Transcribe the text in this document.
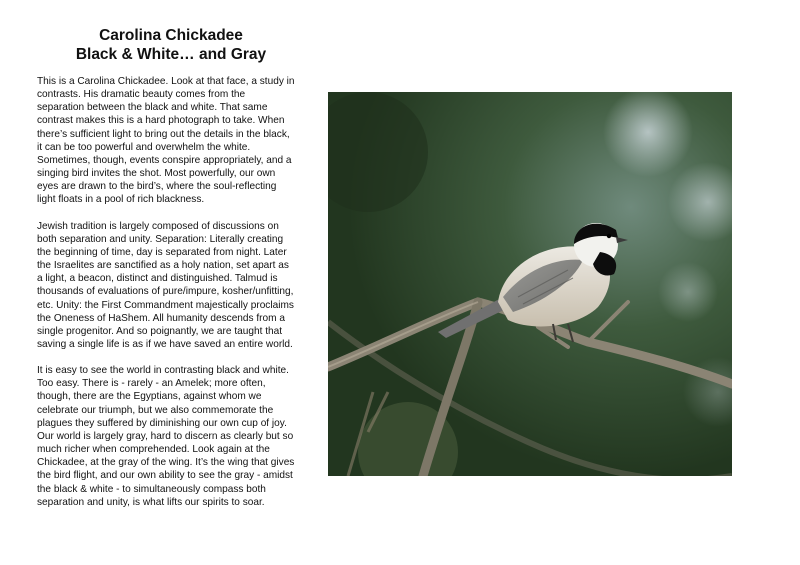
Carolina Chickadee
Black & White… and Gray

This is a Carolina Chickadee. Look at that face, a study in contrasts. His dramatic beauty comes from the separation between the black and white. That same contrast makes this is a hard photograph to take. When there’s sufficient light to bring out the details in the black, it can be too powerful and overwhelm the white. Sometimes, though, events conspire appropriately, and a singing bird invites the shot. Most powerfully, our own eyes are drawn to the bird’s, where the soul-reflecting light floats in a pool of rich blackness.

Jewish tradition is largely composed of discussions on both separation and unity. Separation: Literally creating the beginning of time, day is separated from night. Later the Israelites are sanctified as a holy nation, set apart as a light, a beacon, distinct and distinguished. Talmud is thousands of evaluations of pure/impure, kosher/unfitting, etc. Unity: the First Commandment majestically proclaims the Oneness of HaShem. All humanity descends from a single progenitor. And so poignantly, we are taught that saving a single life is as if we have saved an entire world.

It is easy to see the world in contrasting black and white. Too easy. There is - rarely - an Amelek; more often, though, there are the Egyptians, against whom we celebrate our triumph, but we also commemorate the plagues they suffered by diminishing our own cup of joy. Our world is largely gray, hard to discern as clearly but so much richer when comprehended. Look again at the Chickadee, at the gray of the wing. It’s the wing that gives the bird flight, and our own ability to see the gray - amidst the black & white - to simultaneously compass both separation and unity, is what lifts our spirits to soar.
